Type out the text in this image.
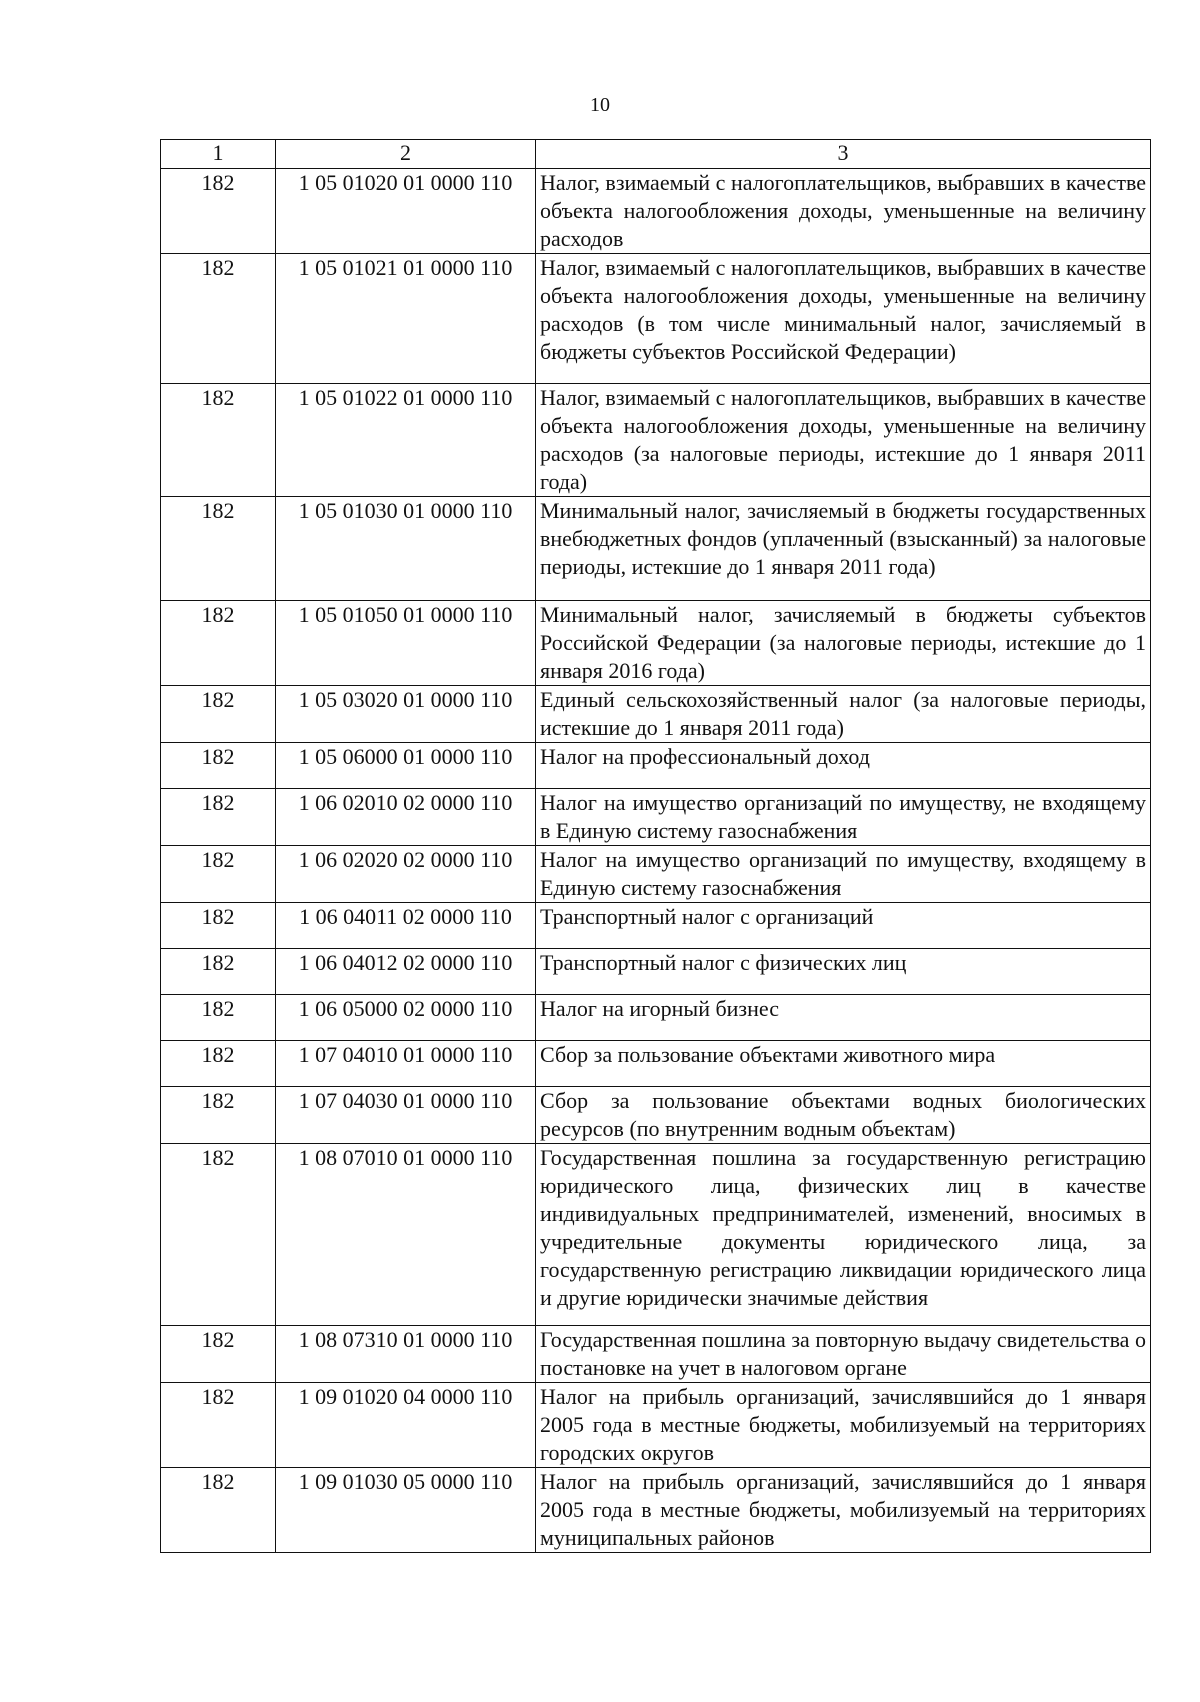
10
1	2	3
182	1 05 01020 01 0000 110	Налог, взимаемый с налогоплательщиков, выбравших в качестве объекта налогообложения доходы, уменьшенные на величину расходов
182	1 05 01021 01 0000 110	Налог, взимаемый с налогоплательщиков, выбравших в качестве объекта налогообложения доходы, уменьшенные на величину расходов (в том числе минимальный налог, зачисляемый в бюджеты субъектов Российской Федерации)
182	1 05 01022 01 0000 110	Налог, взимаемый с налогоплательщиков, выбравших в качестве объекта налогообложения доходы, уменьшенные на величину расходов (за налоговые периоды, истекшие до 1 января 2011 года)
182	1 05 01030 01 0000 110	Минимальный налог, зачисляемый в бюджеты государственных внебюджетных фондов (уплаченный (взысканный) за налоговые периоды, истекшие до 1 января 2011 года)
182	1 05 01050 01 0000 110	Минимальный налог, зачисляемый в бюджеты субъектов Российской Федерации (за налоговые периоды, истекшие до 1 января 2016 года)
182	1 05 03020 01 0000 110	Единый сельскохозяйственный налог (за налоговые периоды, истекшие до 1 января 2011 года)
182	1 05 06000 01 0000 110	Налог на профессиональный доход
182	1 06 02010 02 0000 110	Налог на имущество организаций по имуществу, не входящему в Единую систему газоснабжения
182	1 06 02020 02 0000 110	Налог на имущество организаций по имуществу, входящему в Единую систему газоснабжения
182	1 06 04011 02 0000 110	Транспортный налог с организаций
182	1 06 04012 02 0000 110	Транспортный налог с физических лиц
182	1 06 05000 02 0000 110	Налог на игорный бизнес
182	1 07 04010 01 0000 110	Сбор за пользование объектами животного мира
182	1 07 04030 01 0000 110	Сбор за пользование объектами водных биологических ресурсов (по внутренним водным объектам)
182	1 08 07010 01 0000 110	Государственная пошлина за государственную регистрацию юридического лица, физических лиц в качестве индивидуальных предпринимателей, изменений, вносимых в учредительные документы юридического лица, за государственную регистрацию ликвидации юридического лица и другие юридически значимые действия
182	1 08 07310 01 0000 110	Государственная пошлина за повторную выдачу свидетельства о постановке на учет в налоговом органе
182	1 09 01020 04 0000 110	Налог на прибыль организаций, зачислявшийся до 1 января 2005 года в местные бюджеты, мобилизуемый на территориях городских округов
182	1 09 01030 05 0000 110	Налог на прибыль организаций, зачислявшийся до 1 января 2005 года в местные бюджеты, мобилизуемый на территориях муниципальных районов
